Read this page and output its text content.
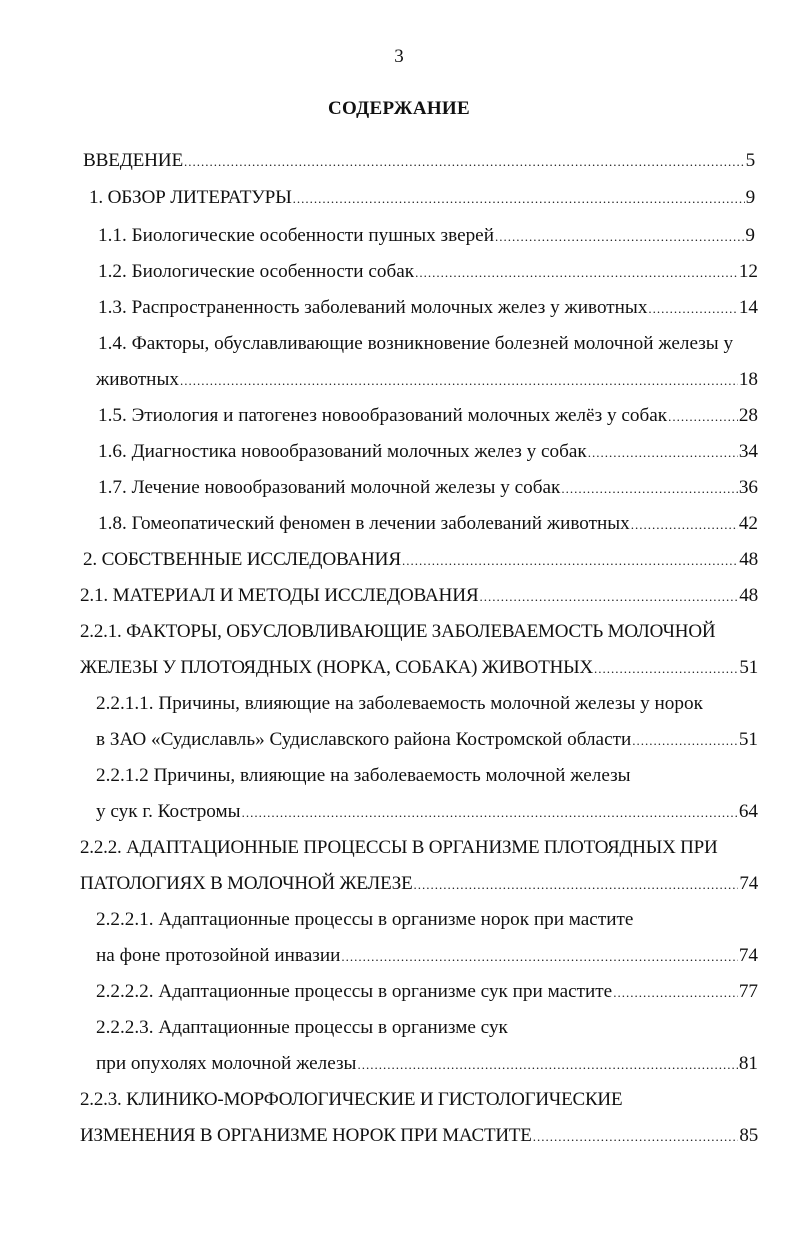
3
СОДЕРЖАНИЕ
ВВЕДЕНИЕ .....	5
1. ОБЗОР ЛИТЕРАТУРЫ .....	9
1.1. Биологические особенности пушных зверей .....	9
1.2. Биологические особенности собак .....	12
1.3. Распространенность заболеваний молочных желез у животных .....	14
1.4. Факторы, обуславливающие возникновение болезней молочной железы у
животных .....	18
1.5. Этиология и патогенез новообразований молочных желёз у собак .....	28
1.6. Диагностика новообразований молочных желез у собак .....	34
1.7. Лечение новообразований молочной железы у собак .....	36
1.8. Гомеопатический феномен в лечении заболеваний животных .....	42
2. СОБСТВЕННЫЕ ИССЛЕДОВАНИЯ .....	48
2.1. МАТЕРИАЛ И МЕТОДЫ ИССЛЕДОВАНИЯ .....	48
2.2.1. ФАКТОРЫ, ОБУСЛОВЛИВАЮЩИЕ ЗАБОЛЕВАЕМОСТЬ МОЛОЧНОЙ
ЖЕЛЕЗЫ У ПЛОТОЯДНЫХ (НОРКА, СОБАКА) ЖИВОТНЫХ .....	51
2.2.1.1. Причины, влияющие на заболеваемость молочной железы у норок
в ЗАО «Судиславль» Судиславского района Костромской области .....	51
2.2.1.2 Причины, влияющие на заболеваемость молочной железы
у сук г. Костромы .....	64
2.2.2. АДАПТАЦИОННЫЕ ПРОЦЕССЫ В ОРГАНИЗМЕ ПЛОТОЯДНЫХ ПРИ
ПАТОЛОГИЯХ В МОЛОЧНОЙ ЖЕЛЕЗЕ .....	74
2.2.2.1. Адаптационные процессы в организме норок при мастите
на фоне протозойной инвазии .....	74
2.2.2.2. Адаптационные процессы в организме сук при мастите .....	77
2.2.2.3. Адаптационные процессы в организме сук
при опухолях молочной железы .....	81
2.2.3. КЛИНИКО-МОРФОЛОГИЧЕСКИЕ И ГИСТОЛОГИЧЕСКИЕ
ИЗМЕНЕНИЯ В ОРГАНИЗМЕ НОРОК ПРИ МАСТИТЕ .....	85
